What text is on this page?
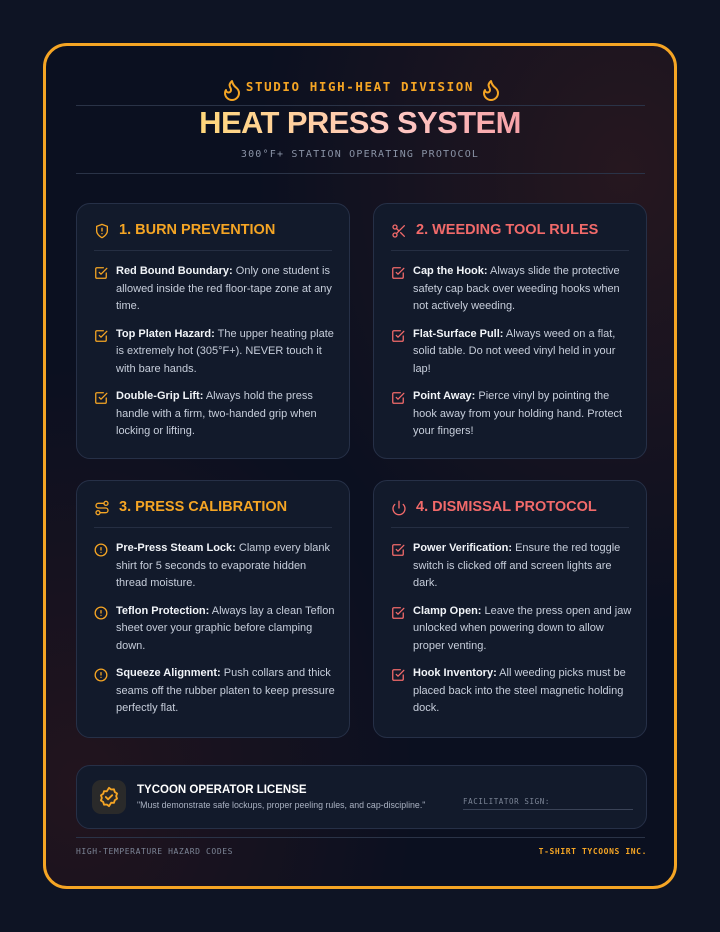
STUDIO HIGH-HEAT DIVISION
HEAT PRESS SYSTEM
300°F+ STATION OPERATING PROTOCOL
1. BURN PREVENTION
Red Bound Boundary: Only one student is allowed inside the red floor-tape zone at any time.
Top Platen Hazard: The upper heating plate is extremely hot (305°F+). NEVER touch it with bare hands.
Double-Grip Lift: Always hold the press handle with a firm, two-handed grip when locking or lifting.
2. WEEDING TOOL RULES
Cap the Hook: Always slide the protective safety cap back over weeding hooks when not actively weeding.
Flat-Surface Pull: Always weed on a flat, solid table. Do not weed vinyl held in your lap!
Point Away: Pierce vinyl by pointing the hook away from your holding hand. Protect your fingers!
3. PRESS CALIBRATION
Pre-Press Steam Lock: Clamp every blank shirt for 5 seconds to evaporate hidden thread moisture.
Teflon Protection: Always lay a clean Teflon sheet over your graphic before clamping down.
Squeeze Alignment: Push collars and thick seams off the rubber platen to keep pressure perfectly flat.
4. DISMISSAL PROTOCOL
Power Verification: Ensure the red toggle switch is clicked off and screen lights are dark.
Clamp Open: Leave the press open and jaw unlocked when powering down to allow proper venting.
Hook Inventory: All weeding picks must be placed back into the steel magnetic holding dock.
TYCOON OPERATOR LICENSE
"Must demonstrate safe lockups, proper peeling rules, and cap-discipline."	FACILITATOR SIGN:
HIGH-TEMPERATURE HAZARD CODES	T-SHIRT TYCOONS INC.
